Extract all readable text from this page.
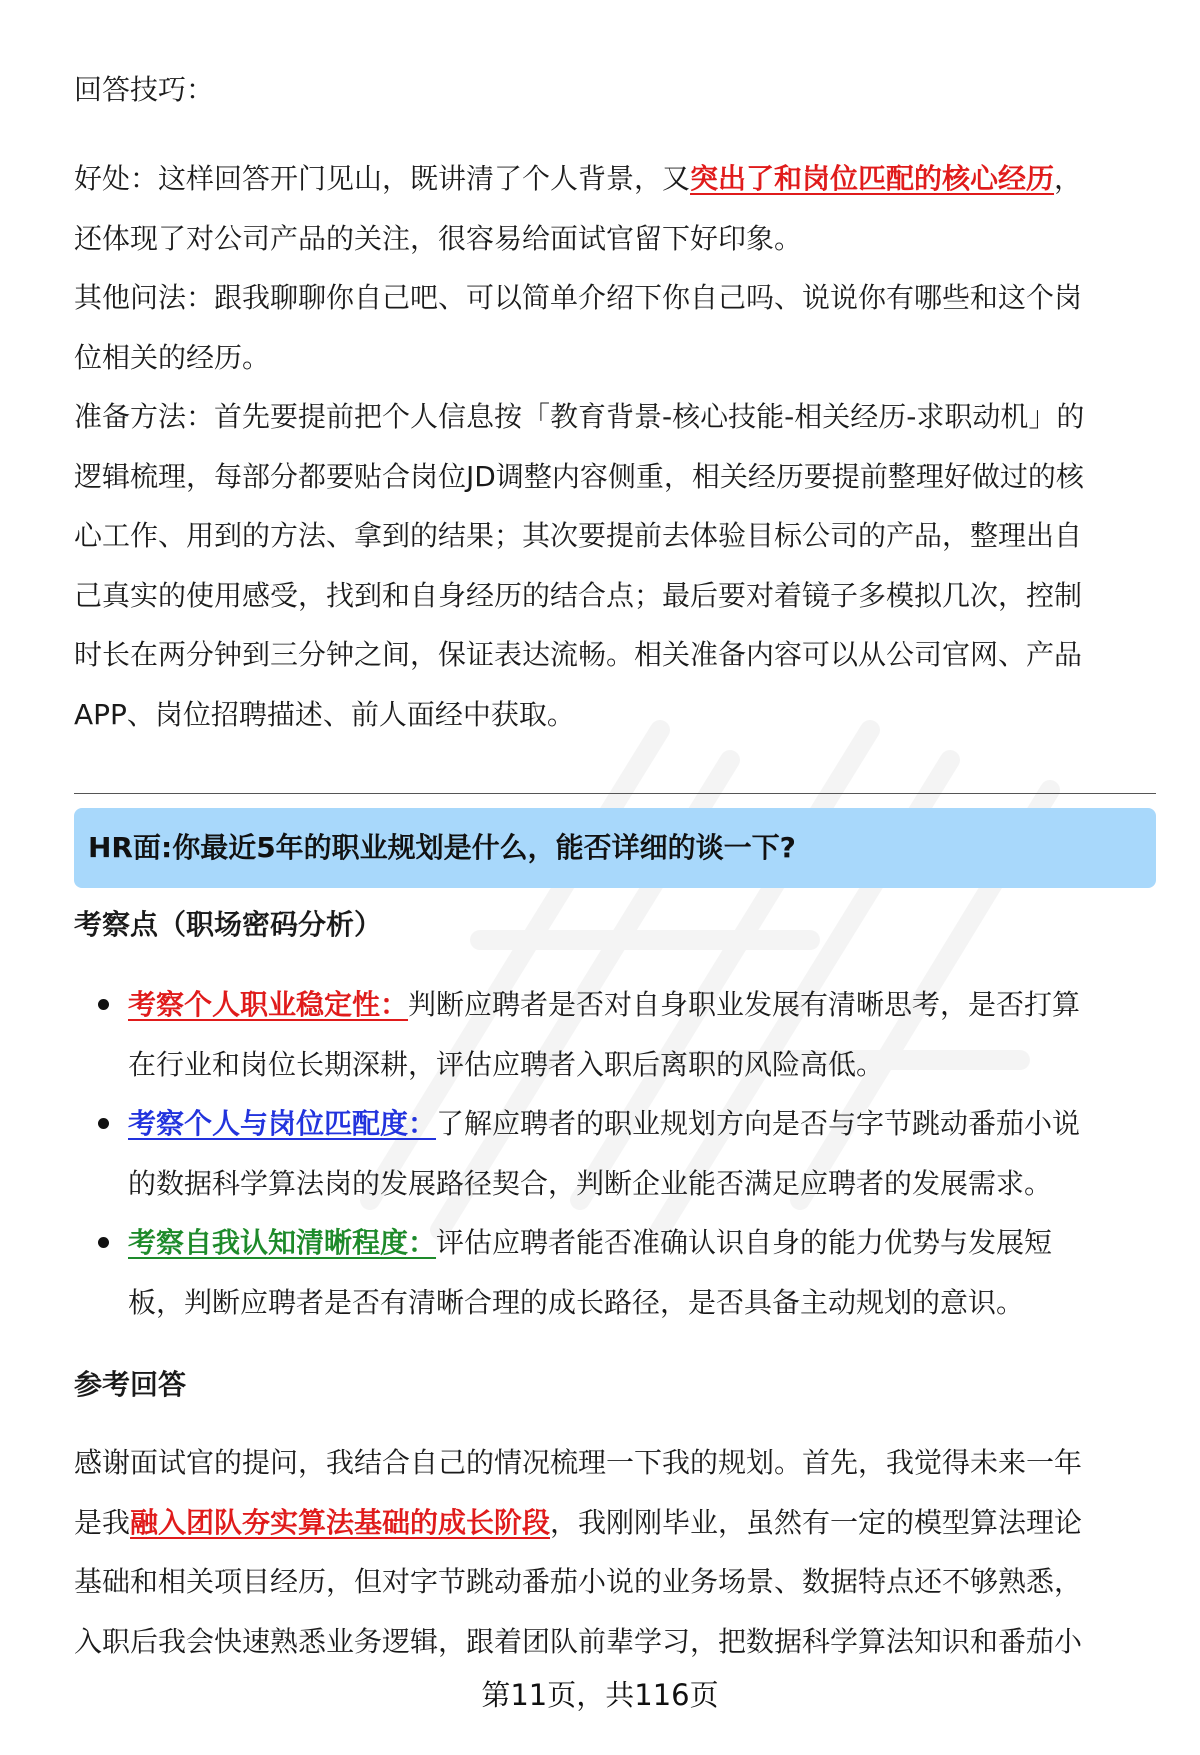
回答技巧：

好处：这样回答开门见山，既讲清了个人背景，又突出了和岗位匹配的核心经历，

还体现了对公司产品的关注，很容易给面试官留下好印象。

其他问法：跟我聊聊你自己吧、可以简单介绍下你自己吗、说说你有哪些和这个岗

位相关的经历。

准备方法：首先要提前把个人信息按「教育背景-核心技能-相关经历-求职动机」的

逻辑梳理，每部分都要贴合岗位JD调整内容侧重，相关经历要提前整理好做过的核

心工作、用到的方法、拿到的结果；其次要提前去体验目标公司的产品，整理出自

己真实的使用感受，找到和自身经历的结合点；最后要对着镜子多模拟几次，控制

时长在两分钟到三分钟之间，保证表达流畅。相关准备内容可以从公司官网、产品

APP、岗位招聘描述、前人面经中获取。

HR面:你最近5年的职业规划是什么，能否详细的谈一下?
考察点（职场密码分析）

考察个人职业稳定性：判断应聘者是否对自身职业发展有清晰思考，是否打算

在行业和岗位长期深耕，评估应聘者入职后离职的风险高低。

考察个人与岗位匹配度：了解应聘者的职业规划方向是否与字节跳动番茄小说

的数据科学算法岗的发展路径契合，判断企业能否满足应聘者的发展需求。

考察自我认知清晰程度：评估应聘者能否准确认识自身的能力优势与发展短

板，判断应聘者是否有清晰合理的成长路径，是否具备主动规划的意识。

参考回答

感谢面试官的提问，我结合自己的情况梳理一下我的规划。首先，我觉得未来一年

是我融入团队夯实算法基础的成长阶段，我刚刚毕业，虽然有一定的模型算法理论

基础和相关项目经历，但对字节跳动番茄小说的业务场景、数据特点还不够熟悉，

入职后我会快速熟悉业务逻辑，跟着团队前辈学习，把数据科学算法知识和番茄小

第11页，共116页
